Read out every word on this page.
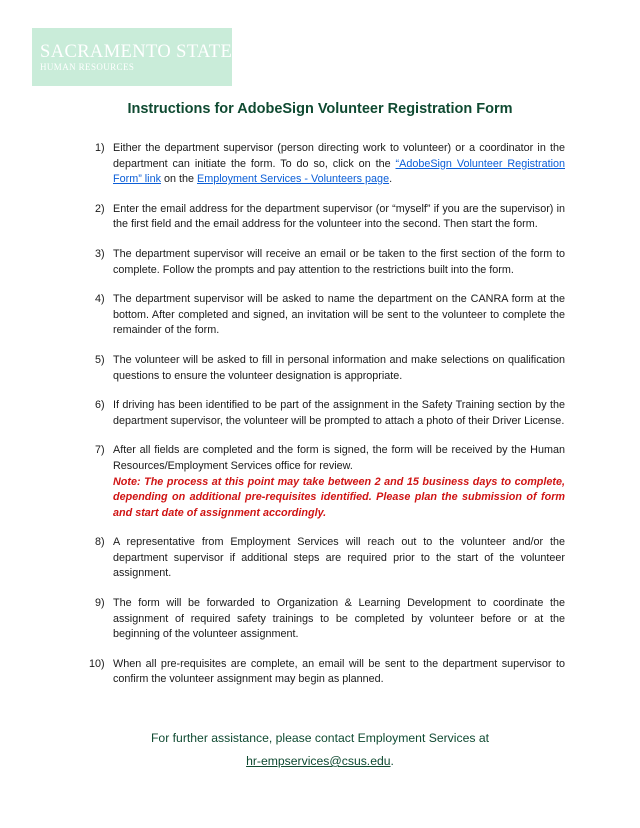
SACRAMENTO STATE
HUMAN RESOURCES
Instructions for AdobeSign Volunteer Registration Form
1) Either the department supervisor (person directing work to volunteer) or a coordinator in the department can initiate the form. To do so, click on the “AdobeSign Volunteer Registration Form” link on the Employment Services - Volunteers page.
2) Enter the email address for the department supervisor (or “myself” if you are the supervisor) in the first field and the email address for the volunteer into the second. Then start the form.
3) The department supervisor will receive an email or be taken to the first section of the form to complete. Follow the prompts and pay attention to the restrictions built into the form.
4) The department supervisor will be asked to name the department on the CANRA form at the bottom. After completed and signed, an invitation will be sent to the volunteer to complete the remainder of the form.
5) The volunteer will be asked to fill in personal information and make selections on qualification questions to ensure the volunteer designation is appropriate.
6) If driving has been identified to be part of the assignment in the Safety Training section by the department supervisor, the volunteer will be prompted to attach a photo of their Driver License.
7) After all fields are completed and the form is signed, the form will be received by the Human Resources/Employment Services office for review.
Note: The process at this point may take between 2 and 15 business days to complete, depending on additional pre-requisites identified. Please plan the submission of form and start date of assignment accordingly.
8) A representative from Employment Services will reach out to the volunteer and/or the department supervisor if additional steps are required prior to the start of the volunteer assignment.
9) The form will be forwarded to Organization & Learning Development to coordinate the assignment of required safety trainings to be completed by volunteer before or at the beginning of the volunteer assignment.
10) When all pre-requisites are complete, an email will be sent to the department supervisor to confirm the volunteer assignment may begin as planned.
For further assistance, please contact Employment Services at
hr-empservices@csus.edu.
